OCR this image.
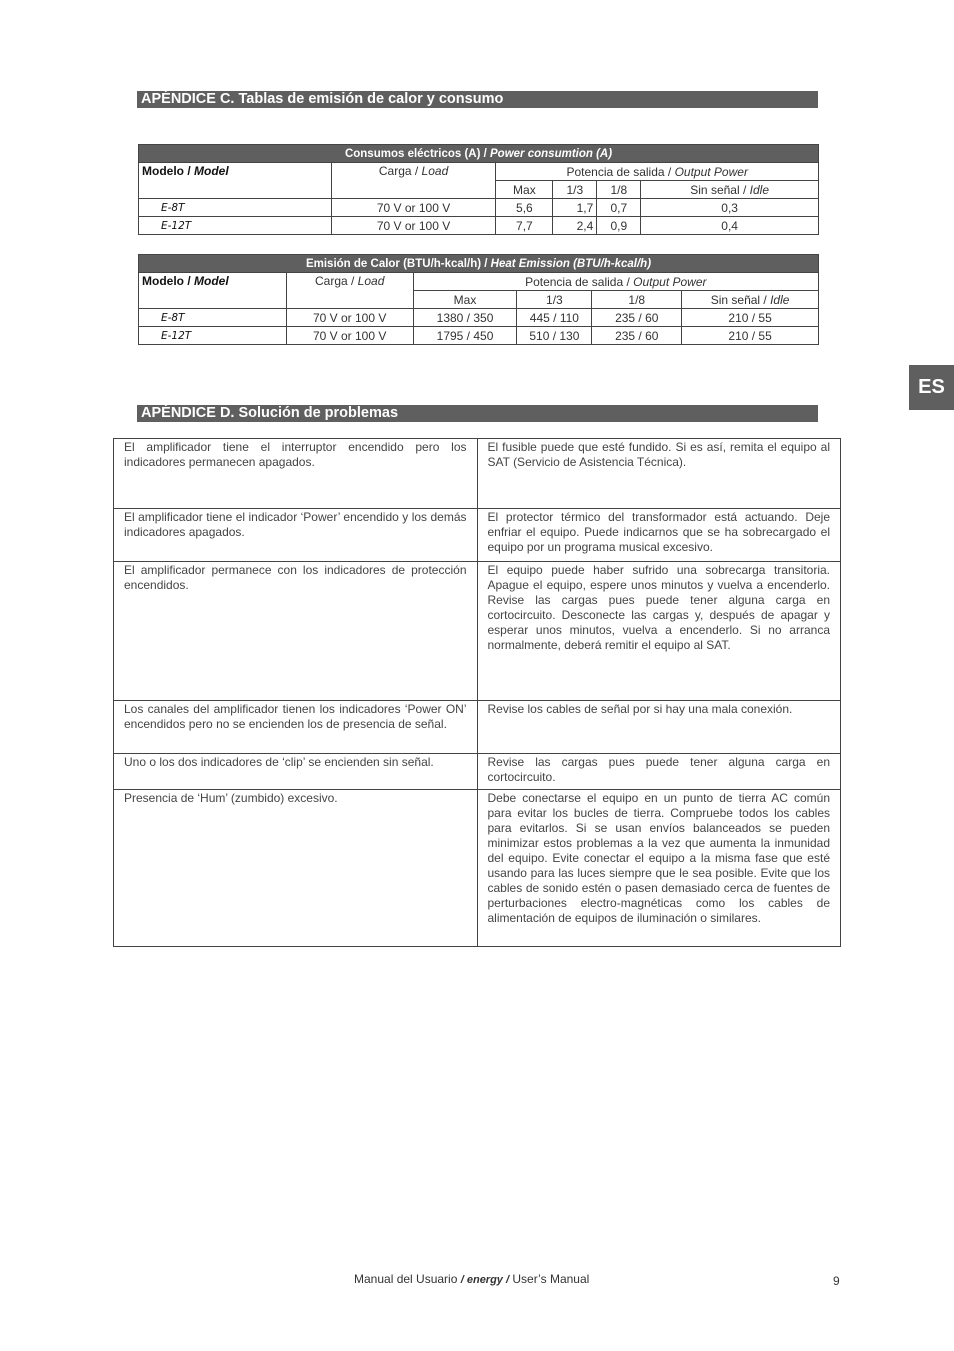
APÉNDICE C. Tablas de emisión de calor y consumo
Consumos eléctricos (A) / Power consumtion (A)					
Modelo / Model	Carga / Load	Potencia de salida / Output Power			
		Max	1/3	1/8	Sin señal / Idle
E-8T	70 V or 100 V	5,6	1,7	0,7	0,3
E-12T	70 V or 100 V	7,7	2,4	0,9	0,4
Emisión de Calor (BTU/h-kcal/h) / Heat Emission (BTU/h-kcal/h)					
Modelo / Model	Carga / Load	Potencia de salida / Output Power			
		Max	1/3	1/8	Sin señal / Idle
E-8T	70 V or 100 V	1380 / 350	445 / 110	235 / 60	210 / 55
E-12T	70 V or 100 V	1795 / 450	510 / 130	235 / 60	210 / 55
ES
APÉNDICE D. Solución de problemas
El amplificador tiene el interruptor encendido pero los indicadores permanecen apagados.	El fusible puede que esté fundido. Si es así, remita el equipo al SAT (Servicio de Asistencia Técnica).
El amplificador tiene el indicador ‘Power’ encendido y los demás indicadores apagados.	El protector térmico del transformador está actuando. Deje enfriar el equipo. Puede indicarnos que se ha sobrecargado el equipo por un programa musical excesivo.
El amplificador permanece con los indicadores de protección encendidos.	El equipo puede haber sufrido una sobrecarga transitoria. Apague el equipo, espere unos minutos y vuelva a encenderlo. Revise las cargas pues puede tener alguna carga en cortocircuito. Desconecte las cargas y, después de apagar y esperar unos minutos, vuelva a encenderlo. Si no arranca normalmente, deberá remitir el equipo al SAT.
Los canales del amplificador tienen los indicadores ‘Power ON’ encendidos pero no se encienden los de presencia de señal.	Revise los cables de señal por si hay una mala conexión.
Uno o los dos indicadores de ‘clip’ se encienden sin señal.	Revise las cargas pues puede tener alguna carga en cortocircuito.
Presencia de ‘Hum’ (zumbido) excesivo.	Debe conectarse el equipo en un punto de tierra AC común para evitar los bucles de tierra. Compruebe todos los cables para evitarlos. Si se usan envíos balanceados se pueden minimizar estos problemas a la vez que aumenta la inmunidad del equipo. Evite conectar el equipo a la misma fase que esté usando para las luces siempre que le sea posible. Evite que los cables de sonido estén o pasen demasiado cerca de fuentes de perturbaciones electro-magnéticas como los cables de alimentación de equipos de iluminación o similares.
Manual del Usuario / energy / User’s Manual	9
